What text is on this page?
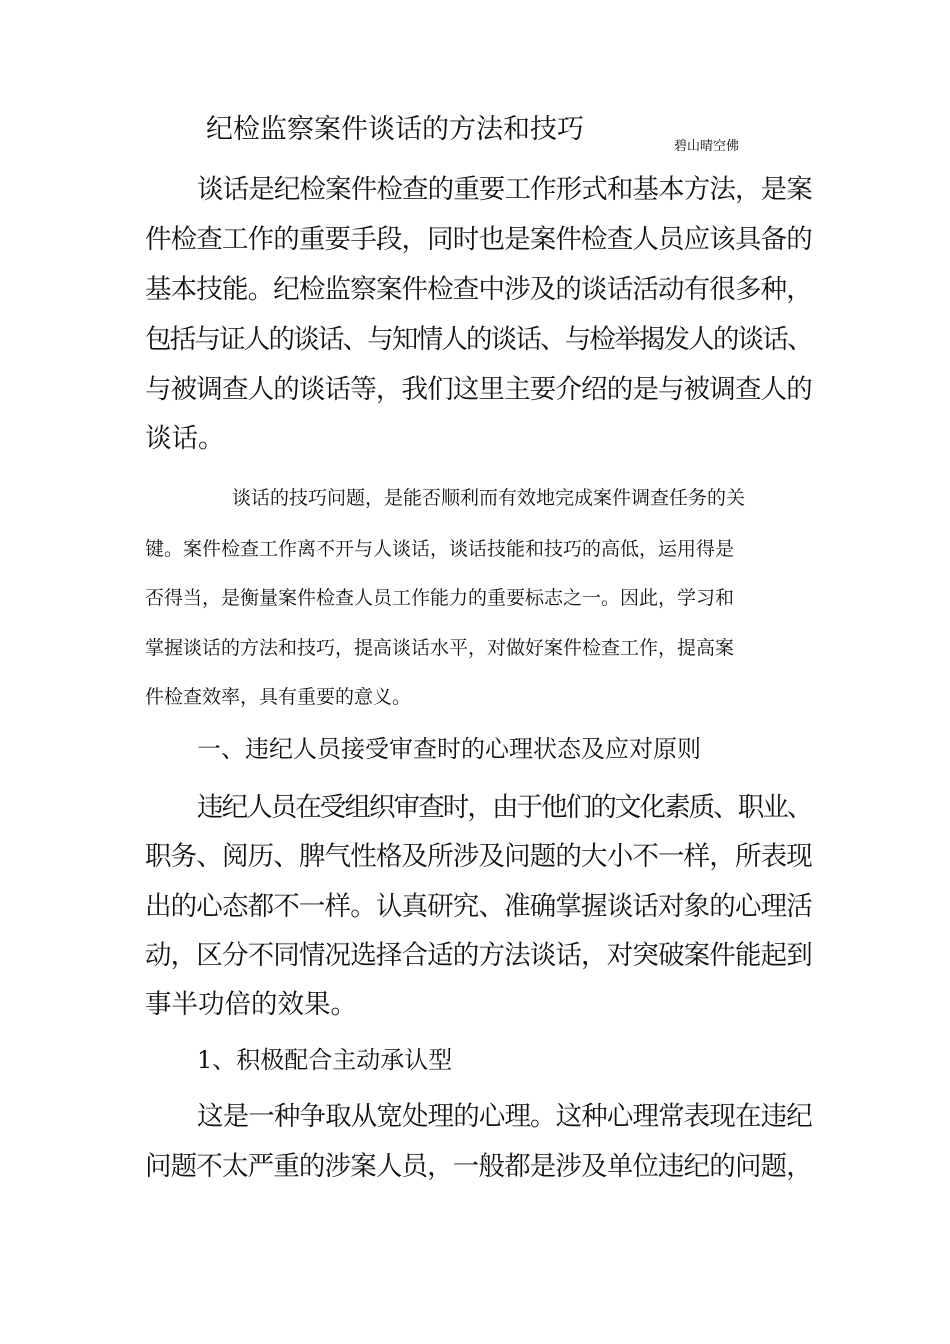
纪检监察案件谈话的方法和技巧
碧山晴空佛
谈话是纪检案件检查的重要工作形式和基本方法，是案
件检查工作的重要手段，同时也是案件检查人员应该具备的
基本技能。纪检监察案件检查中涉及的谈话活动有很多种，
包括与证人的谈话、与知情人的谈话、与检举揭发人的谈话、
与被调查人的谈话等，我们这里主要介绍的是与被调查人的
谈话。
谈话的技巧问题，是能否顺利而有效地完成案件调查任务的关
键。案件检查工作离不开与人谈话，谈话技能和技巧的高低，运用得是
否得当，是衡量案件检查人员工作能力的重要标志之一。因此，学习和
掌握谈话的方法和技巧，提高谈话水平，对做好案件检查工作，提高案
件检查效率，具有重要的意义。
一、违纪人员接受审查时的心理状态及应对原则
违纪人员在受组织审查时，由于他们的文化素质、职业、
职务、阅历、脾气性格及所涉及问题的大小不一样，所表现
出的心态都不一样。认真研究、准确掌握谈话对象的心理活
动，区分不同情况选择合适的方法谈话，对突破案件能起到
事半功倍的效果。
1、积极配合主动承认型
这是一种争取从宽处理的心理。这种心理常表现在违纪
问题不太严重的涉案人员，一般都是涉及单位违纪的问题，
